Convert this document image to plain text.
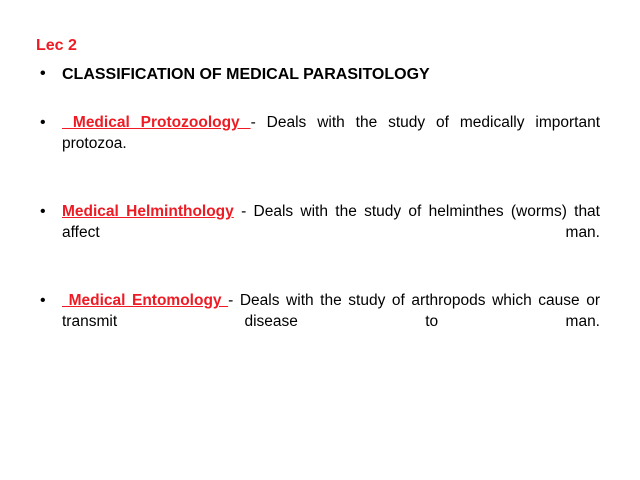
Lec 2
• CLASSIFICATION OF MEDICAL PARASITOLOGY
•  Medical Protozoology - Deals with the study of medically important protozoa.
• Medical Helminthology - Deals with the study of helminthes (worms) that affect man.
•  Medical Entomology - Deals with the study of arthropods which cause or transmit disease to man.
